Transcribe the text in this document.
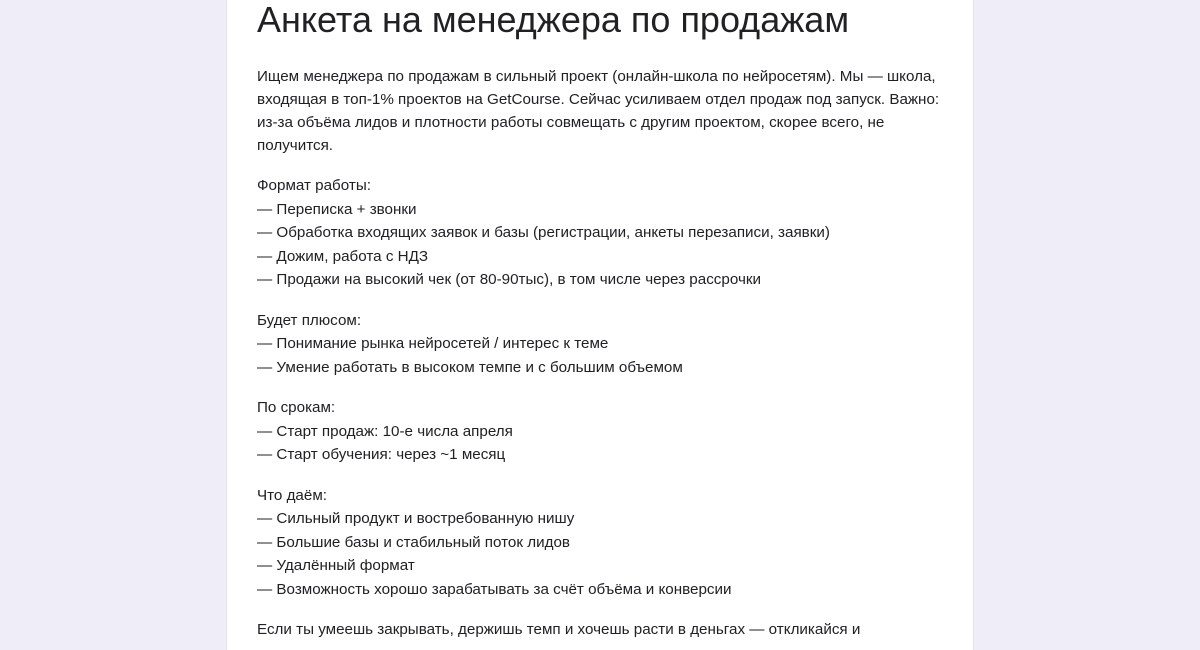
Анкета на менеджера по продажам
Ищем менеджера по продажам в сильный проект (онлайн-школа по нейросетям). Мы — школа, входящая в топ-1% проектов на GetCourse. Сейчас усиливаем отдел продаж под запуск. Важно: из-за объёма лидов и плотности работы совмещать с другим проектом, скорее всего, не получится.
Формат работы:
— Переписка + звонки
— Обработка входящих заявок и базы (регистрации, анкеты перезаписи, заявки)
— Дожим, работа с НДЗ
— Продажи на высокий чек (от 80-90тыс), в том числе через рассрочки
Будет плюсом:
— Понимание рынка нейросетей / интерес к теме
— Умение работать в высоком темпе и с большим объемом
По срокам:
— Старт продаж: 10-е числа апреля
— Старт обучения: через ~1 месяц
Что даём:
— Сильный продукт и востребованную нишу
— Большие базы и стабильный поток лидов
— Удалённый формат
— Возможность хорошо зарабатывать за счёт объёма и конверсии
Если ты умеешь закрывать, держишь темп и хочешь расти в деньгах — откликайся и
